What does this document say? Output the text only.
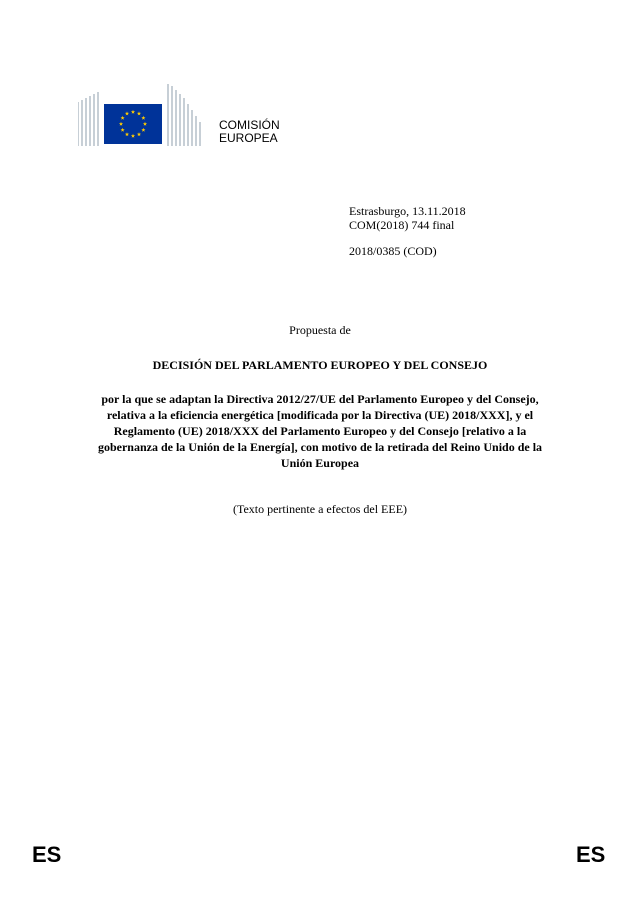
COMISIÓN
EUROPEA
Estrasburgo, 13.11.2018
COM(2018) 744 final
2018/0385 (COD)
Propuesta de
DECISIÓN DEL PARLAMENTO EUROPEO Y DEL CONSEJO
por la que se adaptan la Directiva 2012/27/UE del Parlamento Europeo y del Consejo,
relativa a la eficiencia energética [modificada por la Directiva (UE) 2018/XXX], y el
Reglamento (UE) 2018/XXX del Parlamento Europeo y del Consejo [relativo a la
gobernanza de la Unión de la Energía], con motivo de la retirada del Reino Unido de la
Unión Europea
(Texto pertinente a efectos del EEE)
ES	ES
